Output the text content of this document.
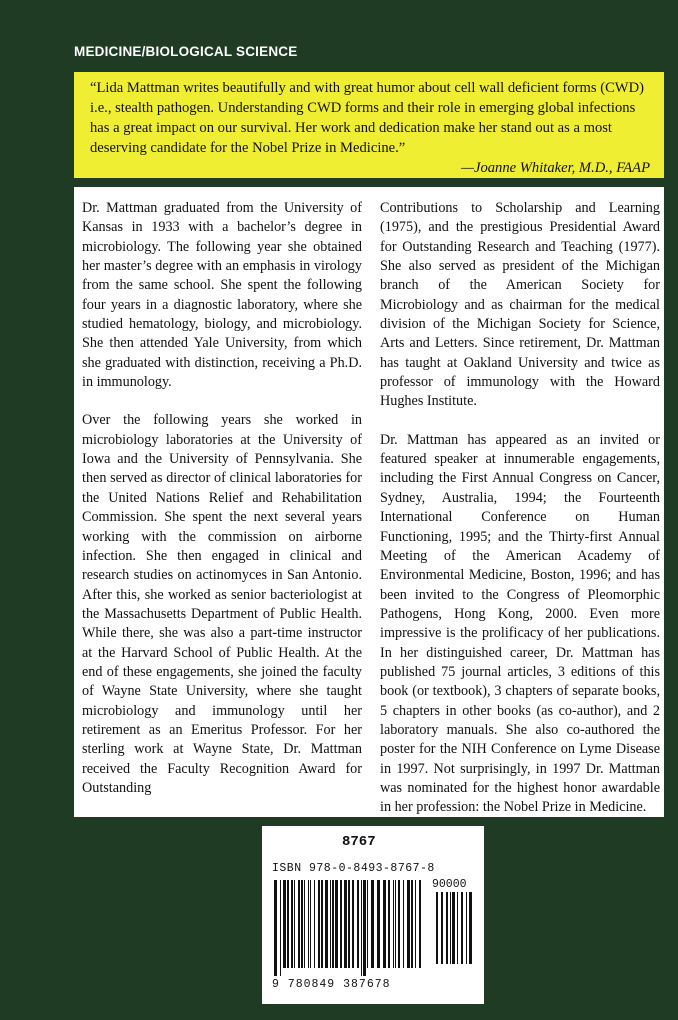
MEDICINE/BIOLOGICAL SCIENCE

“Lida Mattman writes beautifully and with great humor about cell wall deficient forms (CWD) i.e., stealth pathogen. Understanding CWD forms and their role in emerging global infections has a great impact on our survival. Her work and dedication make her stand out as a most deserving candidate for the Nobel Prize in Medicine.”

—Joanne Whitaker, M.D., FAAP

Dr. Mattman graduated from the University of Kansas in 1933 with a bachelor’s degree in microbiology. The following year she obtained her master’s degree with an emphasis in virology from the same school. She spent the following four years in a diagnostic laboratory, where she studied hematology, biology, and microbiology. She then attended Yale University, from which she graduated with distinction, receiving a Ph.D. in immunology.

Over the following years she worked in microbiology laboratories at the University of Iowa and the University of Pennsylvania. She then served as director of clinical laboratories for the United Nations Relief and Rehabilitation Commission. She spent the next several years working with the commission on airborne infection. She then engaged in clinical and research studies on actinomyces in San Antonio. After this, she worked as senior bacteriologist at the Massachusetts Department of Public Health. While there, she was also a part-time instructor at the Harvard School of Public Health. At the end of these engagements, she joined the faculty of Wayne State University, where she taught microbiology and immunology until her retirement as an Emeritus Professor. For her sterling work at Wayne State, Dr. Mattman received the Faculty Recognition Award for Outstanding

Contributions to Scholarship and Learning (1975), and the prestigious Presidential Award for Outstanding Research and Teaching (1977). She also served as president of the Michigan branch of the American Society for Microbiology and as chairman for the medical division of the Michigan Society for Science, Arts and Letters. Since retirement, Dr. Mattman has taught at Oakland University and twice as professor of immunology with the Howard Hughes Institute.

Dr. Mattman has appeared as an invited or featured speaker at innumerable engagements, including the First Annual Congress on Cancer, Sydney, Australia, 1994; the Fourteenth International Conference on Human Functioning, 1995; and the Thirty-first Annual Meeting of the American Academy of Environmental Medicine, Boston, 1996; and has been invited to the Congress of Pleomorphic Pathogens, Hong Kong, 2000. Even more impressive is the prolificacy of her publications. In her distinguished career, Dr. Mattman has published 75 journal articles, 3 editions of this book (or textbook), 3 chapters of separate books, 5 chapters in other books (as co-author), and 2 laboratory manuals. She also co-authored the poster for the NIH Conference on Lyme Disease in 1997. Not surprisingly, in 1997 Dr. Mattman was nominated for the highest honor awardable in her profession: the Nobel Prize in Medicine.

8767
ISBN 978-0-8493-8767-8
90000
9 780849 387678
